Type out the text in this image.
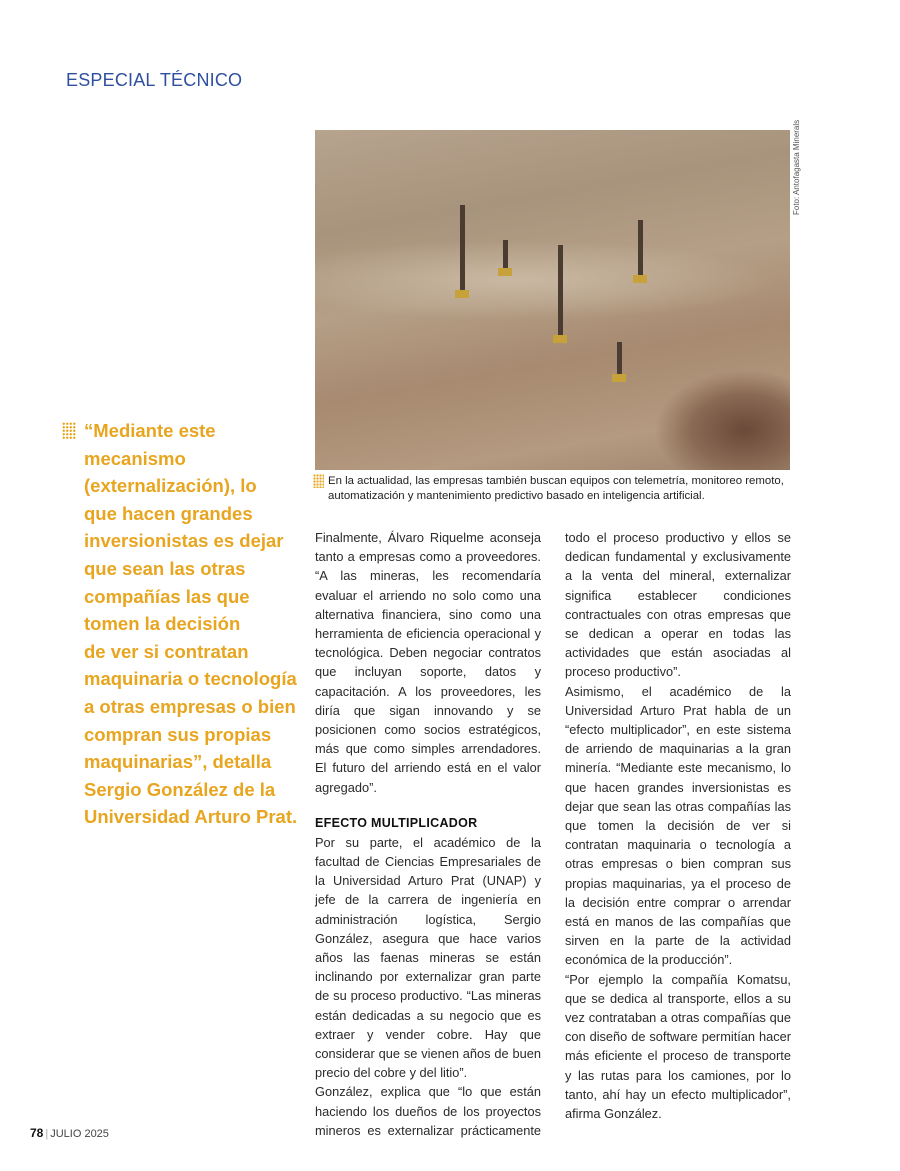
ESPECIAL TÉCNICO
Foto: Antofagasta Minerals
En la actualidad, las empresas también buscan equipos con telemetría, monitoreo remoto, automatización y mantenimiento predictivo basado en inteligencia artificial.
“Mediante este
mecanismo
(externalización), lo
que hacen grandes
inversionistas es dejar
que sean las otras
compañías las que
tomen la decisión
de ver si contratan
maquinaria o tecnología
a otras empresas o bien
compran sus propias
maquinarias”, detalla
Sergio González de la
Universidad Arturo Prat.

Finalmente, Álvaro Riquelme aconseja tanto a empresas como a proveedores. “A las mineras, les recomendaría evaluar el arriendo no solo como una alternativa financiera, sino como una herramienta de eficiencia operacional y tecnológica. Deben negociar contratos que incluyan soporte, datos y capacitación. A los proveedores, les diría que sigan innovando y se posicionen como socios estratégicos, más que como simples arrendadores. El futuro del arriendo está en el valor agregado”.

EFECTO MULTIPLICADOR

Por su parte, el académico de la facultad de Ciencias Empresariales de la Universidad Arturo Prat (UNAP) y jefe de la carrera de ingeniería en administración logística, Sergio González, asegura que hace varios años las faenas mineras se están inclinando por externalizar gran parte de su proceso productivo. “Las mineras están dedicadas a su negocio que es extraer y vender cobre. Hay que considerar que se vienen años de buen precio del cobre y del litio”.

González, explica que “lo que están haciendo los dueños de los proyectos mineros es externalizar prácticamente

todo el proceso productivo y ellos se dedican fundamental y exclusivamente a la venta del mineral, externalizar significa establecer condiciones contractuales con otras empresas que se dedican a operar en todas las actividades que están asociadas al proceso productivo”.

Asimismo, el académico de la Universidad Arturo Prat habla de un “efecto multiplicador”, en este sistema de arriendo de maquinarias a la gran minería. “Mediante este mecanismo, lo que hacen grandes inversionistas es dejar que sean las otras compañías las que tomen la decisión de ver si contratan maquinaria o tecnología a otras empresas o bien compran sus propias maquinarias, ya el proceso de la decisión entre comprar o arrendar está en manos de las compañías que sirven en la parte de la actividad económica de la producción”.

“Por ejemplo la compañía Komatsu, que se dedica al transporte, ellos a su vez contrataban a otras compañías que con diseño de software permitían hacer más eficiente el proceso de transporte y las rutas para los camiones, por lo tanto, ahí hay un efecto multiplicador”, afirma González.

78 | JULIO 2025
